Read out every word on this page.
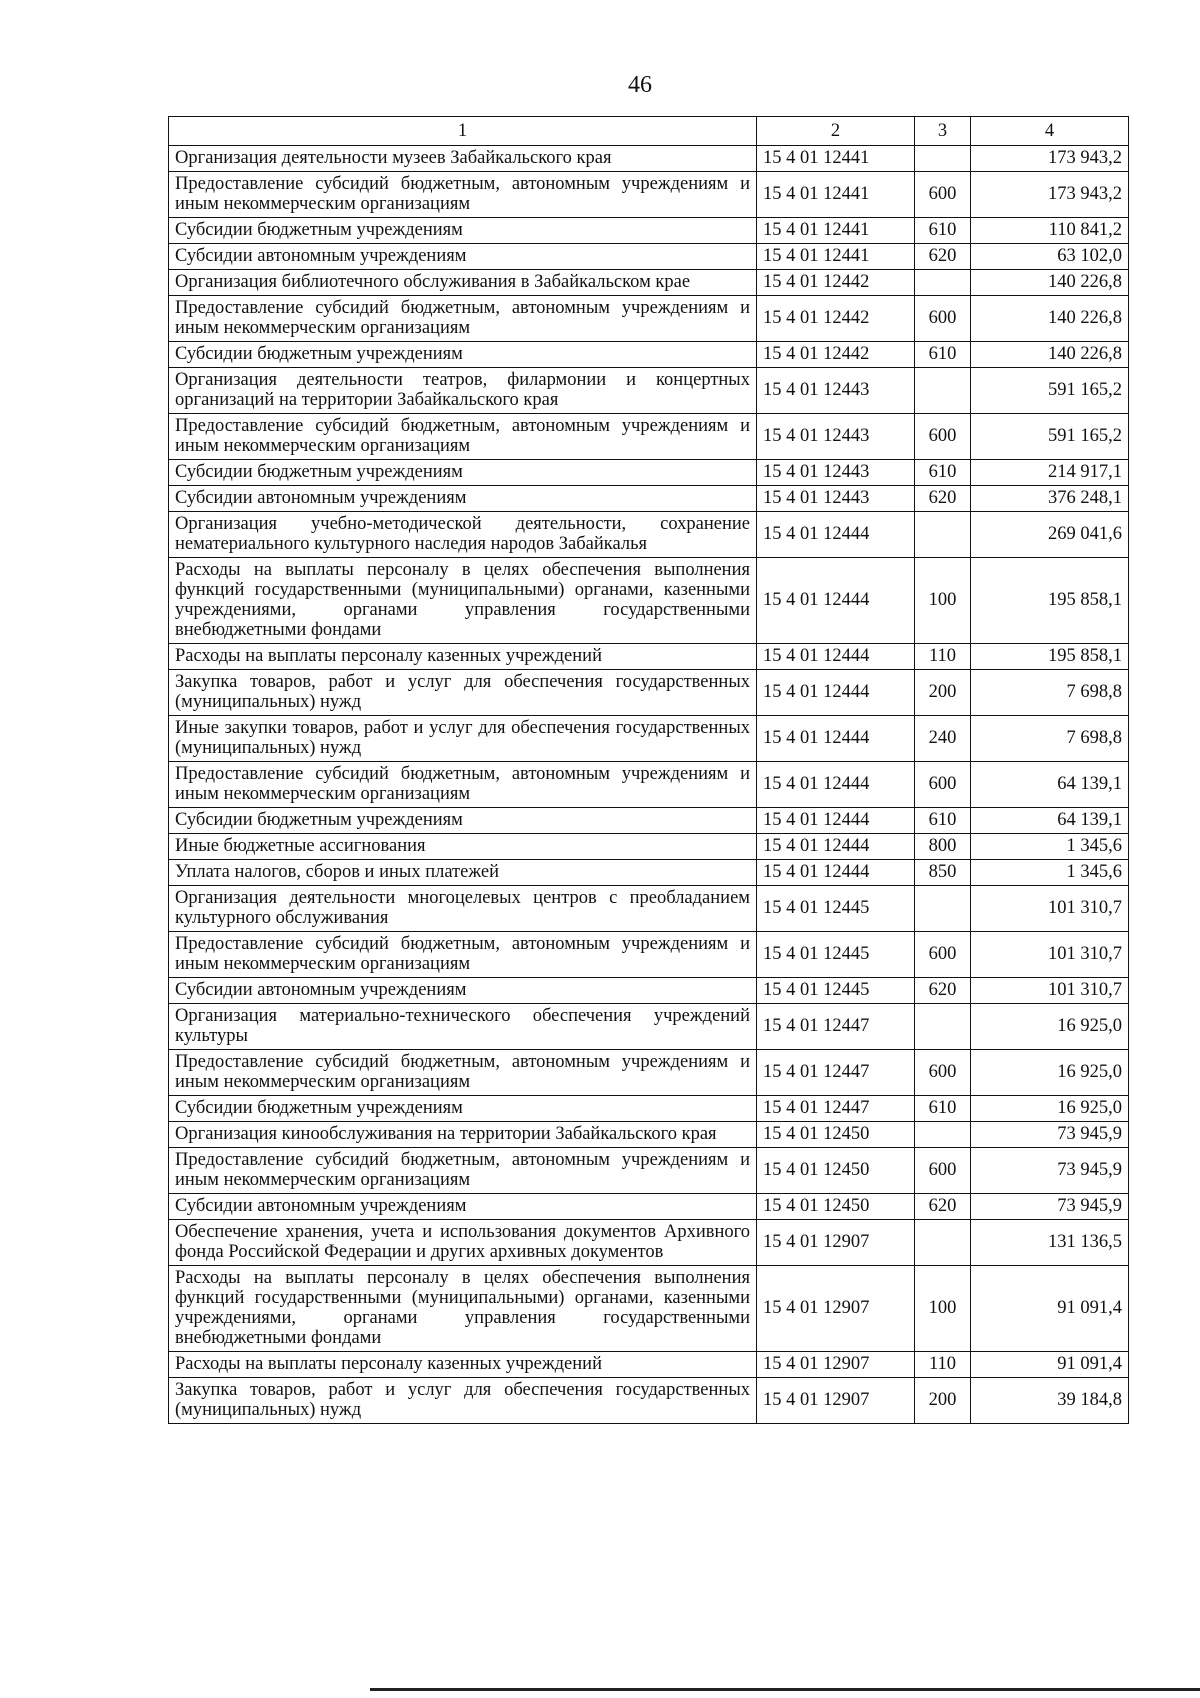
46
1	2	3	4
Организация деятельности музеев Забайкальского края	15 4 01 12441		173 943,2
Предоставление субсидий бюджетным, автономным учреждениям и иным некоммерческим организациям	15 4 01 12441	600	173 943,2
Субсидии бюджетным учреждениям	15 4 01 12441	610	110 841,2
Субсидии автономным учреждениям	15 4 01 12441	620	63 102,0
Организация библиотечного обслуживания в Забайкальском крае	15 4 01 12442		140 226,8
Предоставление субсидий бюджетным, автономным учреждениям и иным некоммерческим организациям	15 4 01 12442	600	140 226,8
Субсидии бюджетным учреждениям	15 4 01 12442	610	140 226,8
Организация деятельности театров, филармонии и концертных организаций на территории Забайкальского края	15 4 01 12443		591 165,2
Предоставление субсидий бюджетным, автономным учреждениям и иным некоммерческим организациям	15 4 01 12443	600	591 165,2
Субсидии бюджетным учреждениям	15 4 01 12443	610	214 917,1
Субсидии автономным учреждениям	15 4 01 12443	620	376 248,1
Организация учебно-методической деятельности, сохранение нематериального культурного наследия народов Забайкалья	15 4 01 12444		269 041,6
Расходы на выплаты персоналу в целях обеспечения выполнения функций государственными (муниципальными) органами, казенными учреждениями, органами управления государственными внебюджетными фондами	15 4 01 12444	100	195 858,1
Расходы на выплаты персоналу казенных учреждений	15 4 01 12444	110	195 858,1
Закупка товаров, работ и услуг для обеспечения государственных (муниципальных) нужд	15 4 01 12444	200	7 698,8
Иные закупки товаров, работ и услуг для обеспечения государственных (муниципальных) нужд	15 4 01 12444	240	7 698,8
Предоставление субсидий бюджетным, автономным учреждениям и иным некоммерческим организациям	15 4 01 12444	600	64 139,1
Субсидии бюджетным учреждениям	15 4 01 12444	610	64 139,1
Иные бюджетные ассигнования	15 4 01 12444	800	1 345,6
Уплата налогов, сборов и иных платежей	15 4 01 12444	850	1 345,6
Организация деятельности многоцелевых центров с преобладанием культурного обслуживания	15 4 01 12445		101 310,7
Предоставление субсидий бюджетным, автономным учреждениям и иным некоммерческим организациям	15 4 01 12445	600	101 310,7
Субсидии автономным учреждениям	15 4 01 12445	620	101 310,7
Организация материально-технического обеспечения учреждений культуры	15 4 01 12447		16 925,0
Предоставление субсидий бюджетным, автономным учреждениям и иным некоммерческим организациям	15 4 01 12447	600	16 925,0
Субсидии бюджетным учреждениям	15 4 01 12447	610	16 925,0
Организация кинообслуживания на территории Забайкальского края	15 4 01 12450		73 945,9
Предоставление субсидий бюджетным, автономным учреждениям и иным некоммерческим организациям	15 4 01 12450	600	73 945,9
Субсидии автономным учреждениям	15 4 01 12450	620	73 945,9
Обеспечение хранения, учета и использования документов Архивного фонда Российской Федерации и других архивных документов	15 4 01 12907		131 136,5
Расходы на выплаты персоналу в целях обеспечения выполнения функций государственными (муниципальными) органами, казенными учреждениями, органами управления государственными внебюджетными фондами	15 4 01 12907	100	91 091,4
Расходы на выплаты персоналу казенных учреждений	15 4 01 12907	110	91 091,4
Закупка товаров, работ и услуг для обеспечения государственных (муниципальных) нужд	15 4 01 12907	200	39 184,8
